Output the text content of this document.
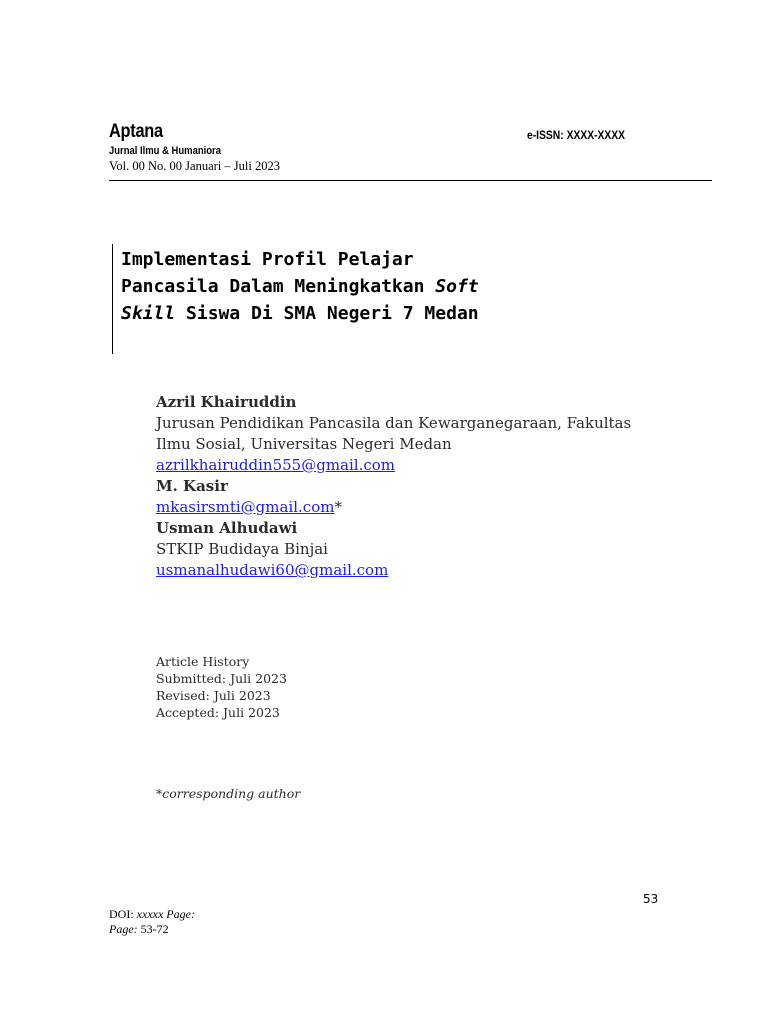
Aptana
Jurnal Ilmu & Humaniora
Vol. 00 No. 00 Januari – Juli 2023
e-ISSN: XXXX-XXXX
Implementasi Profil Pelajar
Pancasila Dalam Meningkatkan Soft
Skill Siswa Di SMA Negeri 7 Medan
Azril Khairuddin
Jurusan Pendidikan Pancasila dan Kewarganegaraan, Fakultas
Ilmu Sosial, Universitas Negeri Medan
azrilkhairuddin555@gmail.com
M. Kasir
mkasirsmti@gmail.com*
Usman Alhudawi
STKIP Budidaya Binjai
usmanalhudawi60@gmail.com
Article History
Submitted: Juli 2023
Revised: Juli 2023
Accepted: Juli 2023
*corresponding author
53
DOI: xxxxx Page:
Page: 53-72
